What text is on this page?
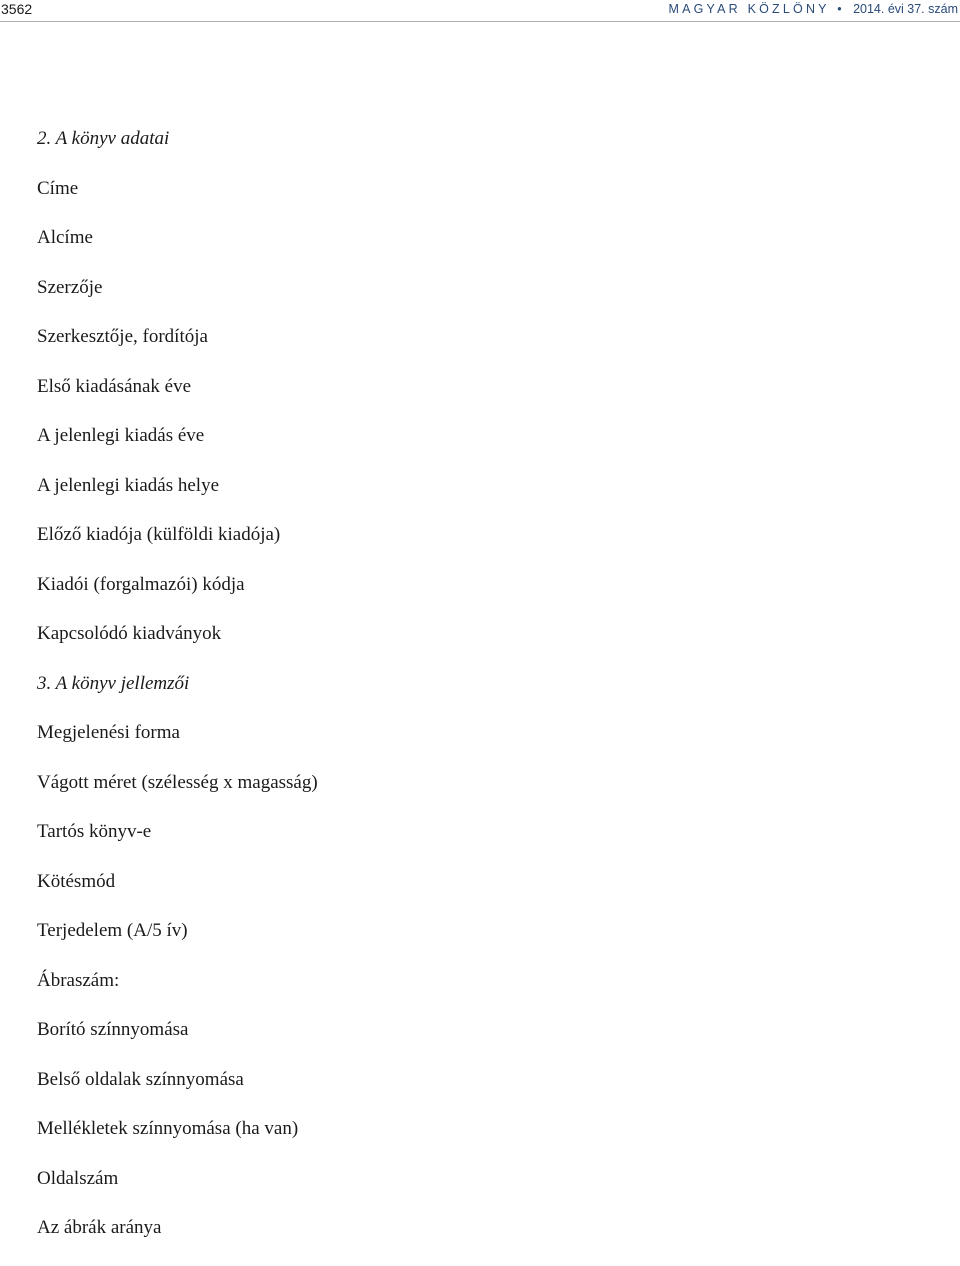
3562	MAGYAR KÖZLÖNY • 2014. évi 37. szám
2. A könyv adatai
Címe
Alcíme
Szerzője
Szerkesztője, fordítója
Első kiadásának éve
A jelenlegi kiadás éve
A jelenlegi kiadás helye
Előző kiadója (külföldi kiadója)
Kiadói (forgalmazói) kódja
Kapcsolódó kiadványok
3. A könyv jellemzői
Megjelenési forma
Vágott méret (szélesség x magasság)
Tartós könyv-e
Kötésmód
Terjedelem (A/5 ív)
Ábraszám:
Borító színnyomása
Belső oldalak színnyomása
Mellékletek színnyomása (ha van)
Oldalszám
Az ábrák aránya
